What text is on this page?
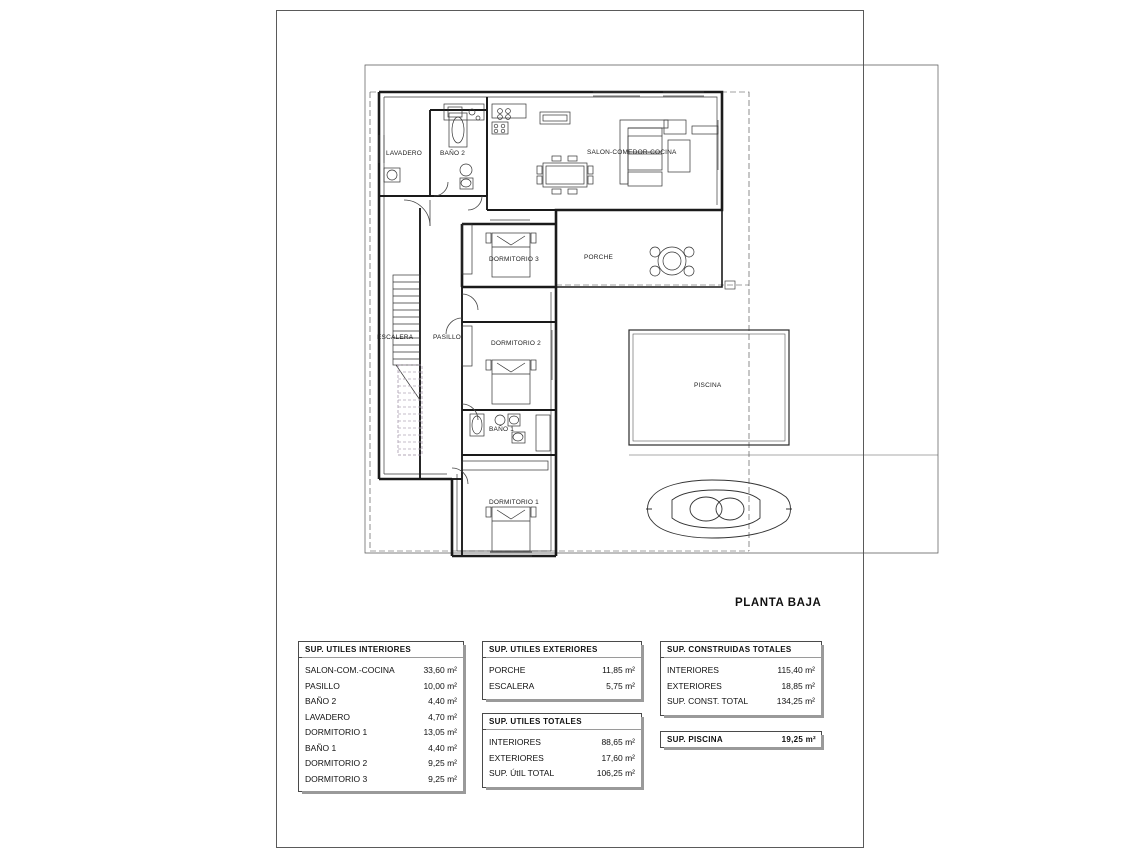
LAVADERO	BAÑO 2	SALON-COMEDOR-COCINA
DORMITORIO 3	PORCHE
ESCALERA	PASILLO
DORMITORIO 2
PISCINA
BAÑO 1
DORMITORIO 1
PLANTA BAJA
SUP. UTILES INTERIORES
SALON-COM.-COCINA	33,60 m²
PASILLO	10,00 m²
BAÑO 2	4,40 m²
LAVADERO	4,70 m²
DORMITORIO 1	13,05 m²
BAÑO 1	4,40 m²
DORMITORIO 2	9,25 m²
DORMITORIO 3	9,25 m²
SUP. UTILES EXTERIORES
PORCHE	11,85 m²
ESCALERA	5,75 m²
SUP. UTILES TOTALES
INTERIORES	88,65 m²
EXTERIORES	17,60 m²
SUP. ÚtIL TOTAL	106,25 m²
SUP. CONSTRUIDAS TOTALES
INTERIORES	115,40 m²
EXTERIORES	18,85 m²
SUP. CONST. TOTAL	134,25 m²
SUP. PISCINA	19,25 m²
